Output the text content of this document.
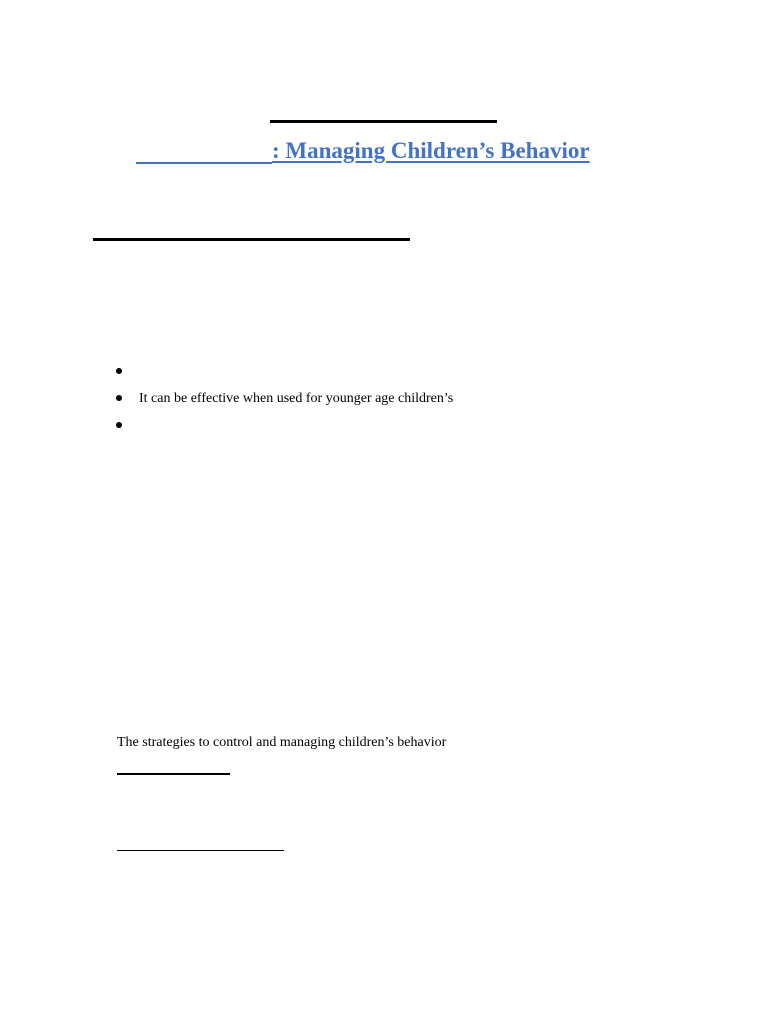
: Managing Children’s Behavior
It can be effective when used for younger age children’s
The strategies to control and managing children’s behavior
